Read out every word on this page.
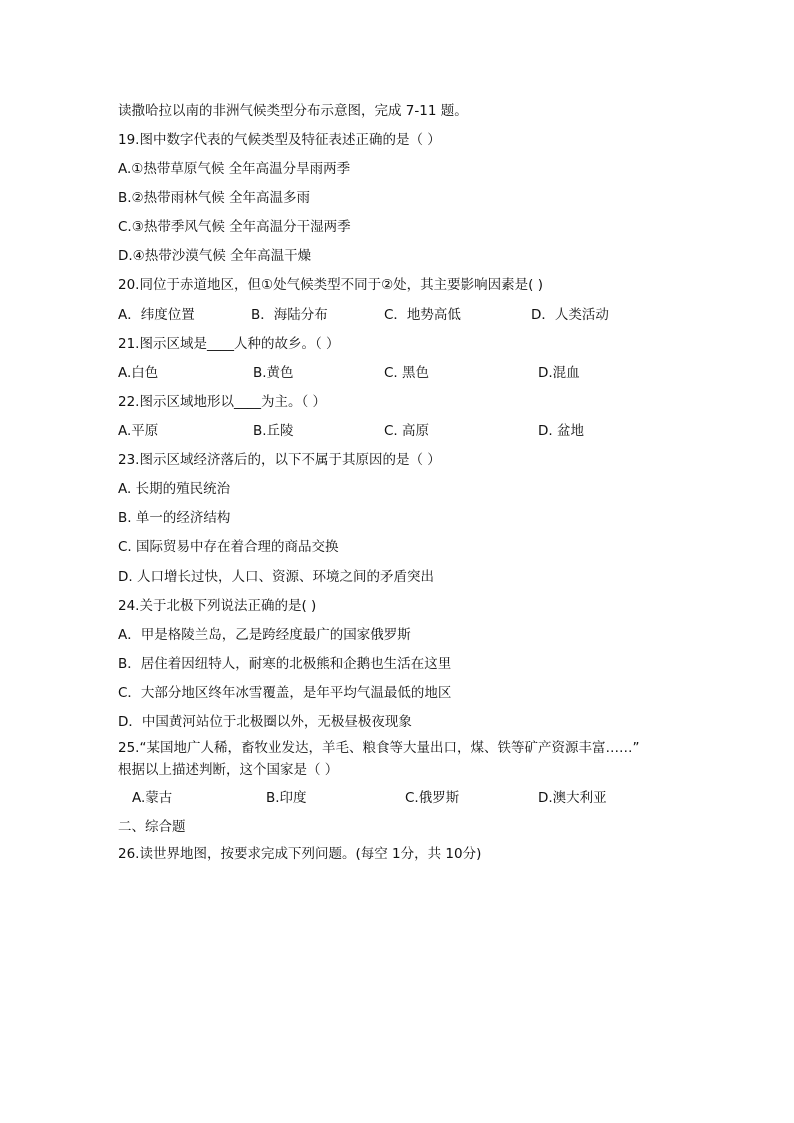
读撒哈拉以南的非洲气候类型分布示意图，完成 7-11 题。
19.图中数字代表的气候类型及特征表述正确的是（ ）
A.①热带草原气候 全年高温分旱雨两季
B.②热带雨林气候 全年高温多雨
C.③热带季风气候 全年高温分干湿两季
D.④热带沙漠气候 全年高温干燥
20.同位于赤道地区，但①处气候类型不同于②处，其主要影响因素是( )
A．纬度位置	B．海陆分布	C．地势高低	D．人类活动
21.图示区域是____人种的故乡。（ ）
A.白色	B.黄色	C. 黑色	D.混血
22.图示区域地形以____为主。（ ）
A.平原	B.丘陵	C. 高原	D. 盆地
23.图示区域经济落后的，以下不属于其原因的是（ ）
A. 长期的殖民统治
B. 单一的经济结构
C. 国际贸易中存在着合理的商品交换
D. 人口增长过快，人口、资源、环境之间的矛盾突出
24.关于北极下列说法正确的是( )
A．甲是格陵兰岛，乙是跨经度最广的国家俄罗斯
B．居住着因纽特人，耐寒的北极熊和企鹅也生活在这里
C．大部分地区终年冰雪覆盖，是年平均气温最低的地区
D．中国黄河站位于北极圈以外，无极昼极夜现象
25.“某国地广人稀，畜牧业发达，羊毛、粮食等大量出口，煤、铁等矿产资源丰富……”
根据以上描述判断，这个国家是（ ）
A.蒙古	B.印度	C.俄罗斯	D.澳大利亚
二、综合题
26.读世界地图，按要求完成下列问题。(每空 1分，共 10分)
